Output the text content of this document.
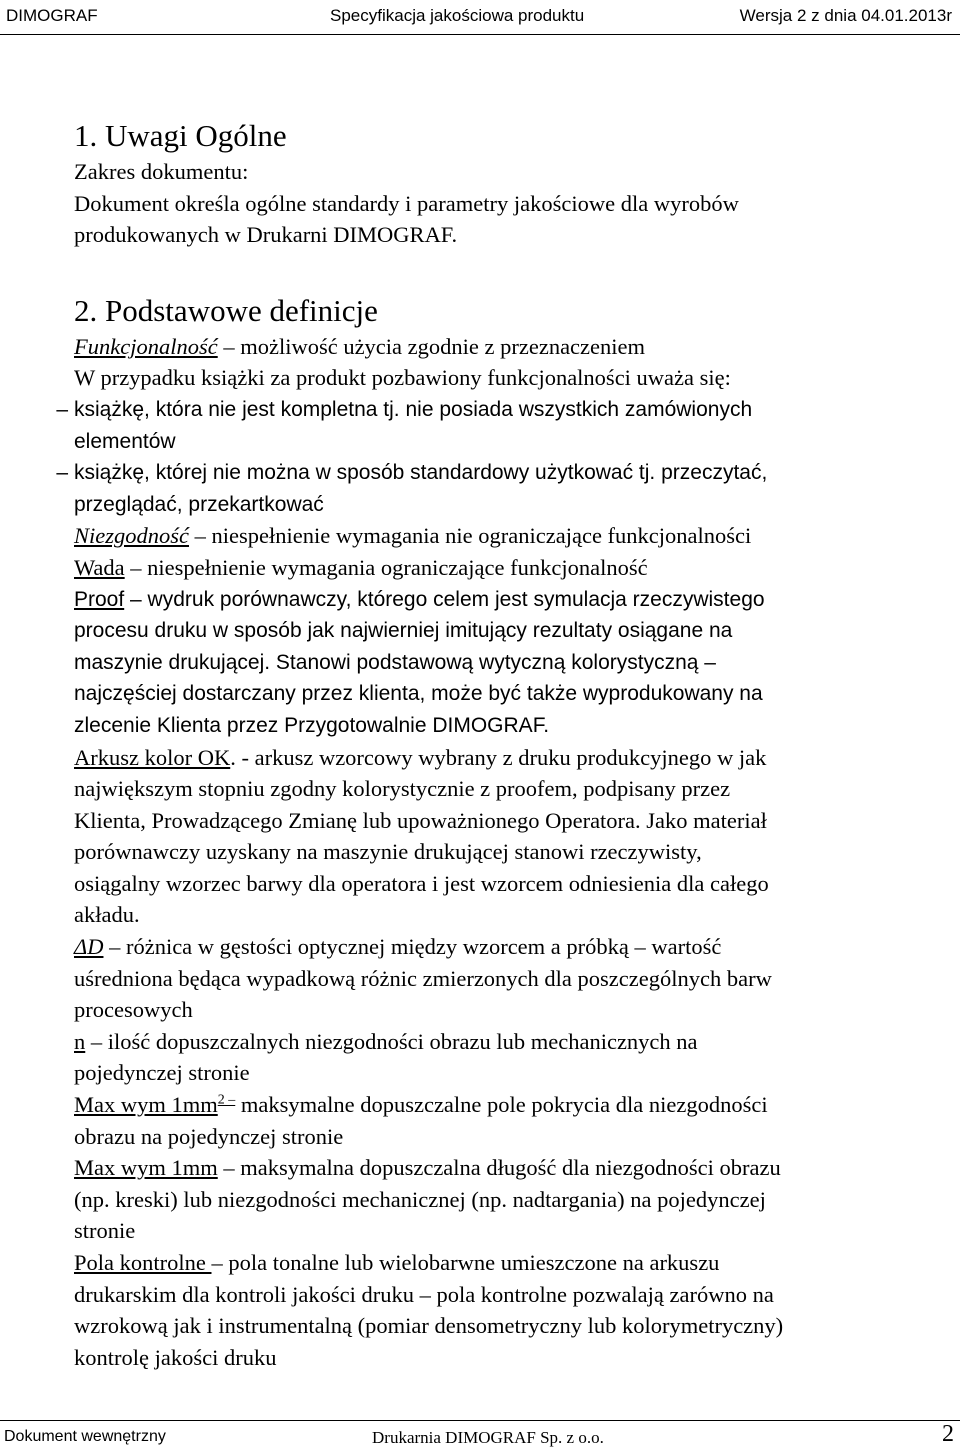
DIMOGRAF	Specyfikacja jakościowa produktu	Wersja 2 z dnia 04.01.2013r
1. Uwagi Ogólne
Zakres dokumentu:
Dokument określa ogólne standardy i parametry jakościowe dla wyrobów
produkowanych w Drukarni DIMOGRAF.
2. Podstawowe definicje
Funkcjonalność – możliwość użycia zgodnie z przeznaczeniem
W przypadku książki za produkt pozbawiony funkcjonalności uważa się:
– książkę, która nie jest kompletna tj. nie posiada wszystkich zamówionych
elementów
– książkę, której nie można w sposób standardowy użytkować tj. przeczytać,
przeglądać, przekartkować
Niezgodność – niespełnienie wymagania nie ograniczające funkcjonalności
Wada – niespełnienie wymagania ograniczające funkcjonalność
Proof – wydruk porównawczy, którego celem jest symulacja rzeczywistego
procesu druku w sposób jak najwierniej imitujący rezultaty osiągane na
maszynie drukującej. Stanowi podstawową wytyczną kolorystyczną –
najczęściej dostarczany przez klienta, może być także wyprodukowany na
zlecenie Klienta przez Przygotowalnie DIMOGRAF.
Arkusz kolor OK. - arkusz wzorcowy wybrany z druku produkcyjnego w jak
największym stopniu zgodny kolorystycznie z proofem, podpisany przez
Klienta, Prowadzącego Zmianę lub upoważnionego Operatora. Jako materiał
porównawczy uzyskany na maszynie drukującej stanowi rzeczywisty,
osiągalny wzorzec barwy dla operatora i jest wzorcem odniesienia dla całego
akładu.
ΔD – różnica w gęstości optycznej między wzorcem a próbką – wartość
uśredniona będąca wypadkową różnic zmierzonych dla poszczególnych barw
procesowych
n – ilość dopuszczalnych niezgodności obrazu lub mechanicznych na
pojedynczej stronie
Max wym $1mm^{2 -}$ maksymalne dopuszczalne pole pokrycia dla niezgodności
obrazu na pojedynczej stronie
Max wym 1mm – maksymalna dopuszczalna długość dla niezgodności obrazu
(np. kreski) lub niezgodności mechanicznej (np. nadtargania) na pojedynczej
stronie
Pola kontrolne – pola tonalne lub wielobarwne umieszczone na arkuszu
drukarskim dla kontroli jakości druku – pola kontrolne pozwalają zarówno na
wzrokową jak i instrumentalną (pomiar densometryczny lub kolorymetryczny)
kontrolę jakości druku
Dokument wewnętrzny	Drukarnia DIMOGRAF Sp. z o.o.	2
